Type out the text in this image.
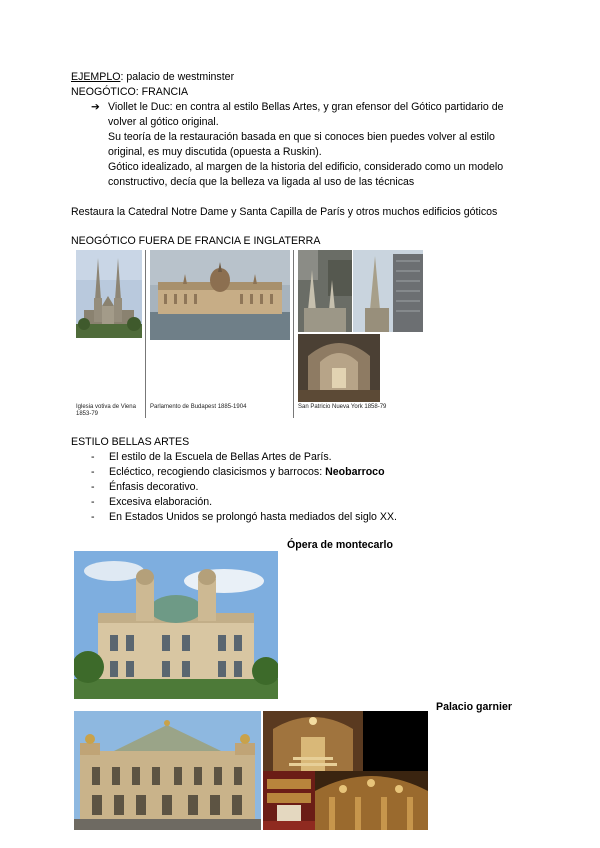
EJEMPLO: palacio de westminster
NEOGÓTICO: FRANCIA
➔ Viollet le Duc: en contra al estilo Bellas Artes, y gran efensor del Gótico partidario de
volver al gótico original.
Su teoría de la restauración basada en que si conoces bien puedes volver al estilo
original, es muy discutida (opuesta a Ruskin).
Gótico idealizado, al margen de la historia del edificio, considerado como un modelo
constructivo, decía que la belleza va ligada al uso de las técnicas
Restaura la Catedral Notre Dame y Santa Capilla de París y otros muchos edificios góticos
NEOGÓTICO FUERA DE FRANCIA E INGLATERRA
Iglesia votiva de Viena
1853-79
Parlamento de Budapest 1885-1904	San Patricio Nueva York 1858-79
ESTILO BELLAS ARTES
- El estilo de la Escuela de Bellas Artes de París.
- Ecléctico, recogiendo clasicismos y barrocos: Neobarroco
- Énfasis decorativo.
- Excesiva elaboración.
- En Estados Unidos se prolongó hasta mediados del siglo XX.
Ópera de montecarlo
Palacio garnier
